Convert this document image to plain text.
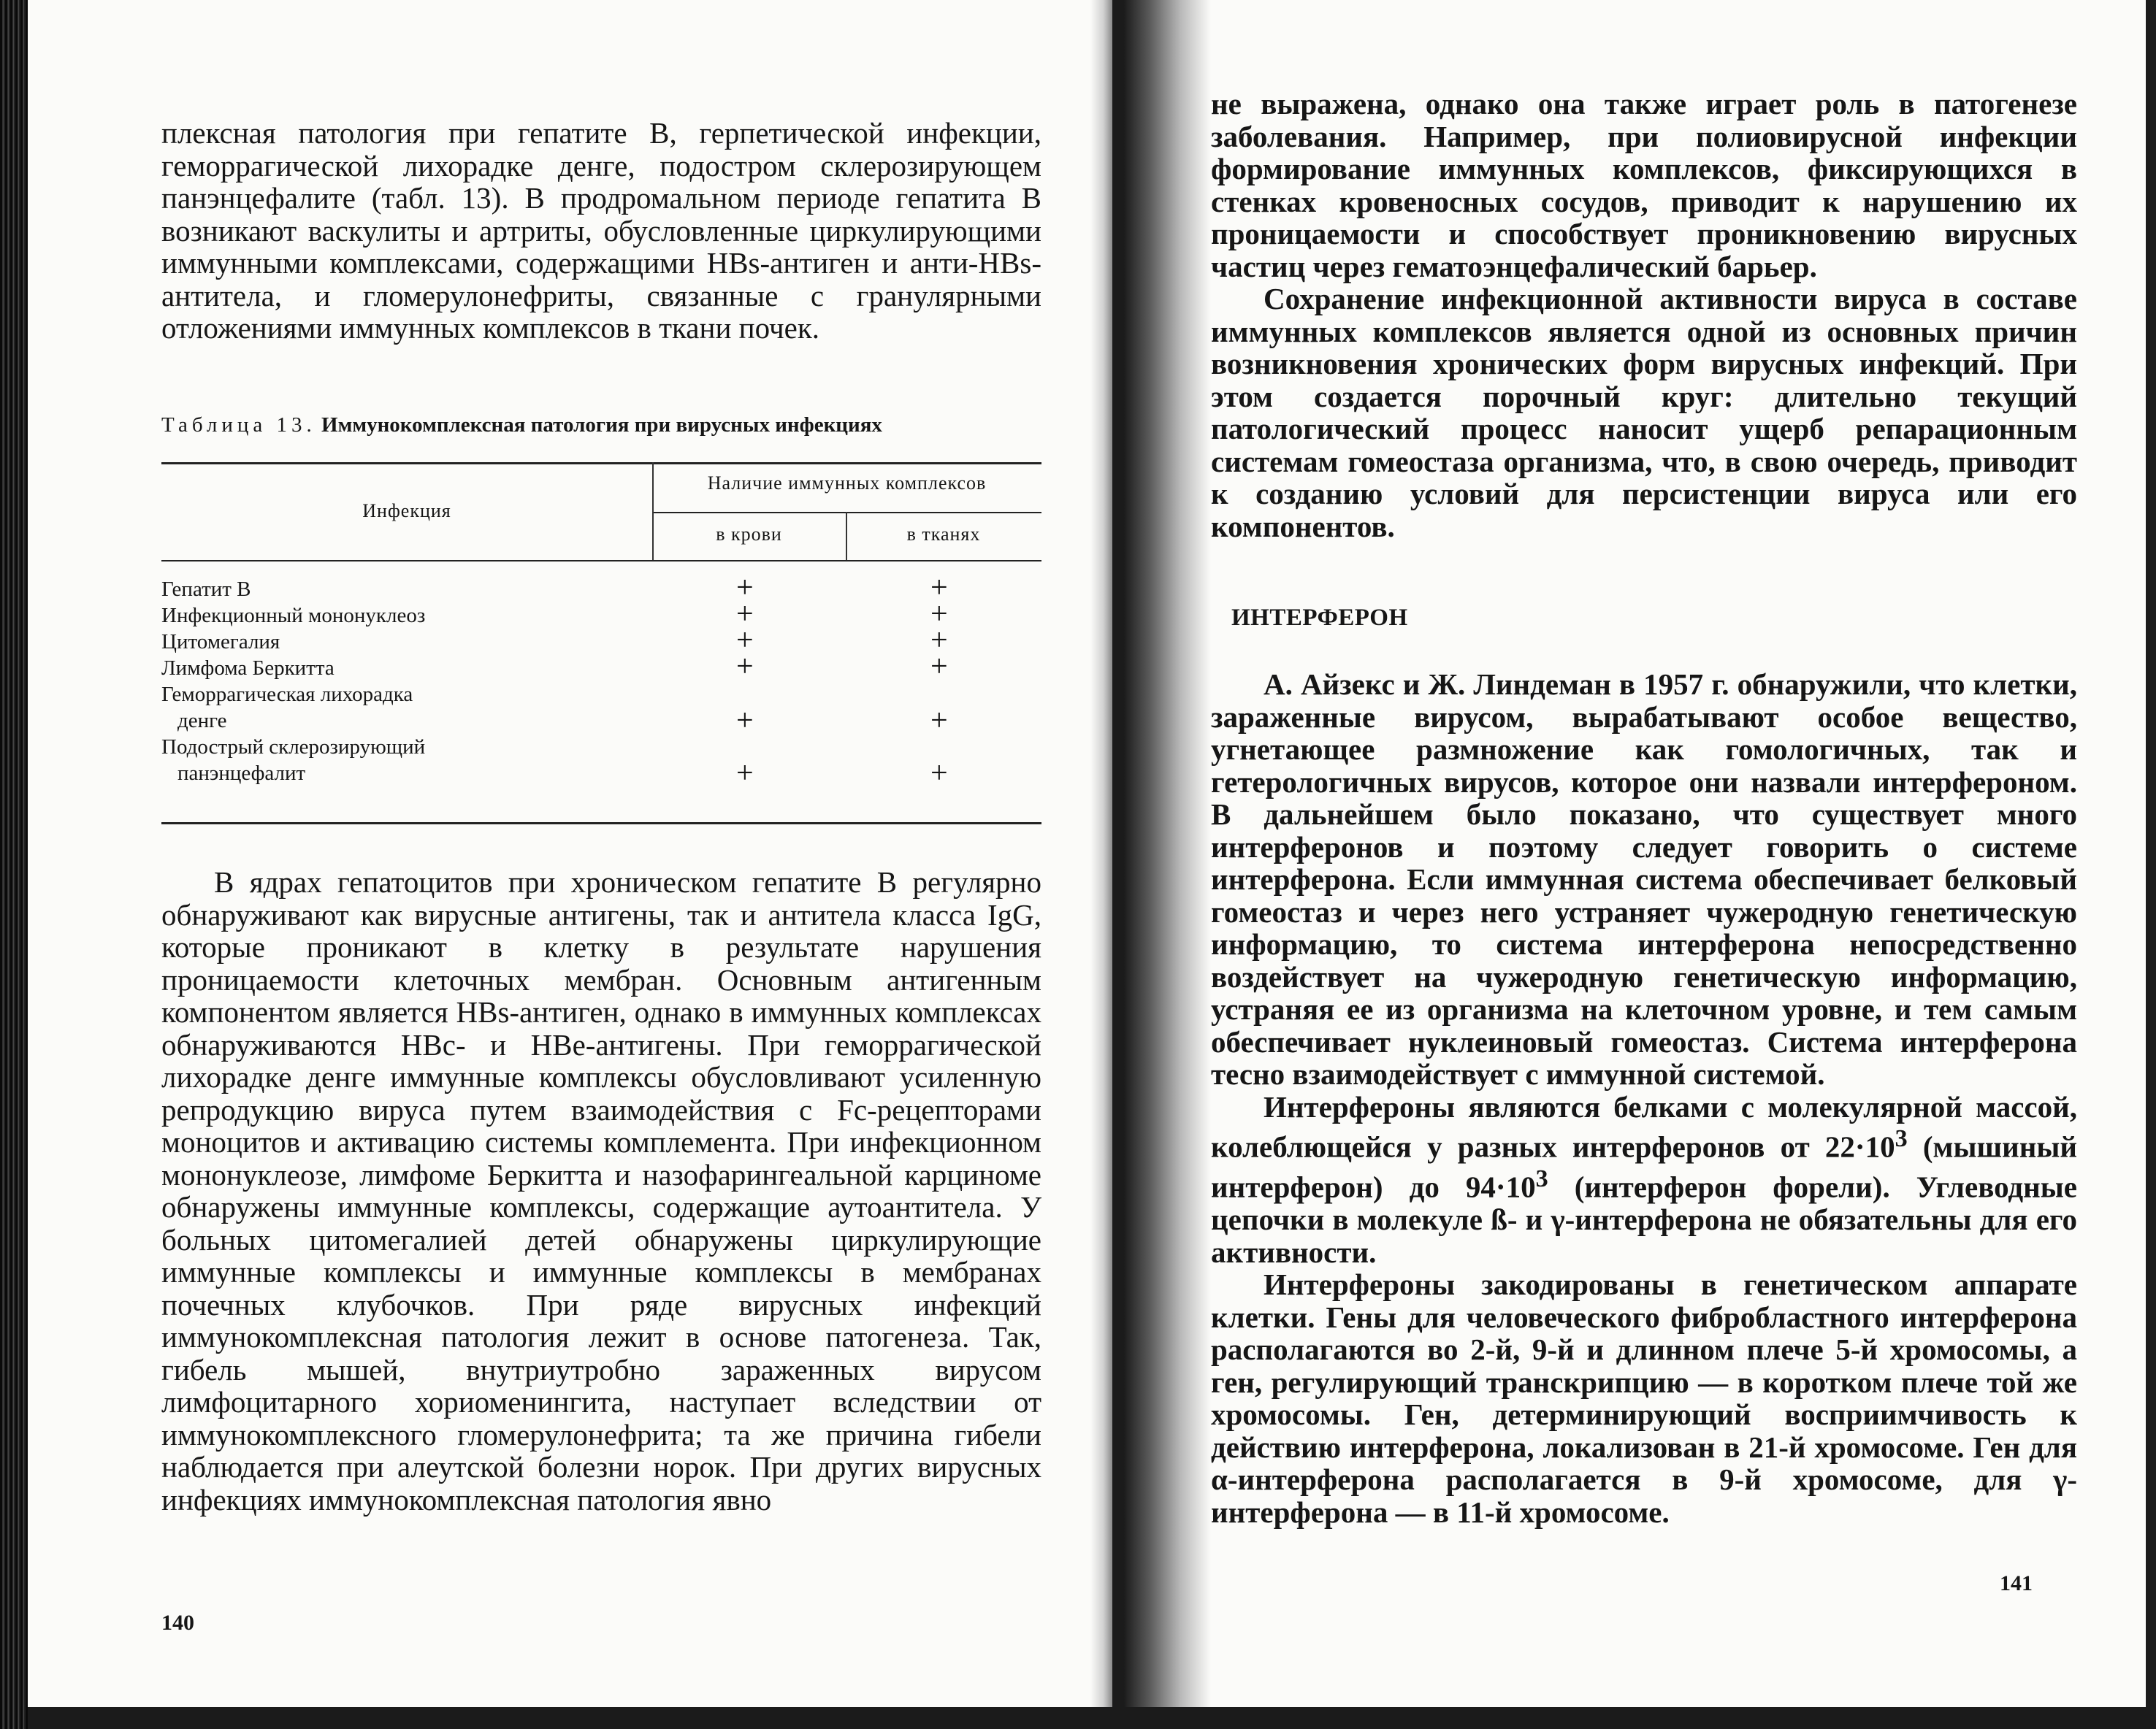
плексная патология при гепатите В, герпетической инфекции, геморрагической лихорадке денге, подостром склерозирующем панэнцефалите (табл. 13). В продромальном периоде гепатита В возникают васкулиты и артриты, обусловленные циркулирующими иммунными комплексами, содержащими HBs-антиген и анти-HBs-антитела, и гломерулонефриты, связанные с гранулярными отложениями иммунных комплексов в ткани почек.

Таблица 13. Иммунокомплексная патология при вирусных инфекциях
Инфекция
Наличие иммунных комплексов
в крови	в тканях
Гепатит В	+	+
Инфекционный мононуклеоз	+	+
Цитомегалия	+	+
Лимфома Беркитта	+	+
Геморрагическая лихорадка
денге	+	+
Подострый склерозирующий
панэнцефалит	+	+

В ядрах гепатоцитов при хроническом гепатите В регулярно обнаруживают как вирусные антигены, так и антитела класса IgG, которые проникают в клетку в результате нарушения проницаемости клеточных мембран. Основным антигенным компонентом является HBs-антиген, однако в иммунных комплексах обнаруживаются HBc- и HBe-антигены. При геморрагической лихорадке денге иммунные комплексы обусловливают усиленную репродукцию вируса путем взаимодействия с Fc-рецепторами моноцитов и активацию системы комплемента. При инфекционном мононуклеозе, лимфоме Беркитта и назофарингеальной карциноме обнаружены иммунные комплексы, содержащие аутоантитела. У больных цитомегалией детей обнаружены циркулирующие иммунные комплексы и иммунные комплексы в мембранах почечных клубочков. При ряде вирусных инфекций иммунокомплексная патология лежит в основе патогенеза. Так, гибель мышей, внутриутробно зараженных вирусом лимфоцитарного хориоменингита, наступает вследствии от иммунокомплексного гломерулонефрита; та же причина гибели наблюдается при алеутской болезни норок. При других вирусных инфекциях иммунокомплексная патология явно

140

не выражена, однако она также играет роль в патогенезе заболевания. Например, при полиовирусной инфекции формирование иммунных комплексов, фиксирующихся в стенках кровеносных сосудов, приводит к нарушению их проницаемости и способствует проникновению вирусных частиц через гематоэнцефалический барьер.

Сохранение инфекционной активности вируса в составе иммунных комплексов является одной из основных причин возникновения хронических форм вирусных инфекций. При этом создается порочный круг: длительно текущий патологический процесс наносит ущерб репарационным системам гомеостаза организма, что, в свою очередь, приводит к созданию условий для персистенции вируса или его компонентов.

ИНТЕРФЕРОН

А. Айзекс и Ж. Линдеман в 1957 г. обнаружили, что клетки, зараженные вирусом, вырабатывают особое вещество, угнетающее размножение как гомологичных, так и гетерологичных вирусов, которое они назвали интерфероном. В дальнейшем было показано, что существует много интерферонов и поэтому следует говорить о системе интерферона. Если иммунная система обеспечивает белковый гомеостаз и через него устраняет чужеродную генетическую информацию, то система интерферона непосредственно воздействует на чужеродную генетическую информацию, устраняя ее из организма на клеточном уровне, и тем самым обеспечивает нуклеиновый гомеостаз. Система интерферона тесно взаимодействует с иммунной системой.

Интерфероны являются белками с молекулярной массой, колеблющейся у разных интерферонов от $22\cdot 10^3$ (мышиный интерферон) до $94\cdot 10^3$ (интерферон форели). Углеводные цепочки в молекуле ß- и γ-интерферона не обязательны для его активности.

Интерфероны закодированы в генетическом аппарате клетки. Гены для человеческого фибробластного интерферона располагаются во 2-й, 9-й и длинном плече 5-й хромосомы, а ген, регулирующий транскрипцию — в коротком плече той же хромосомы. Ген, детерминирующий восприимчивость к действию интерферона, локализован в 21-й хромосоме. Ген для α-интерферона располагается в 9-й хромосоме, для γ-интерферона — в 11-й хромосоме.

141
